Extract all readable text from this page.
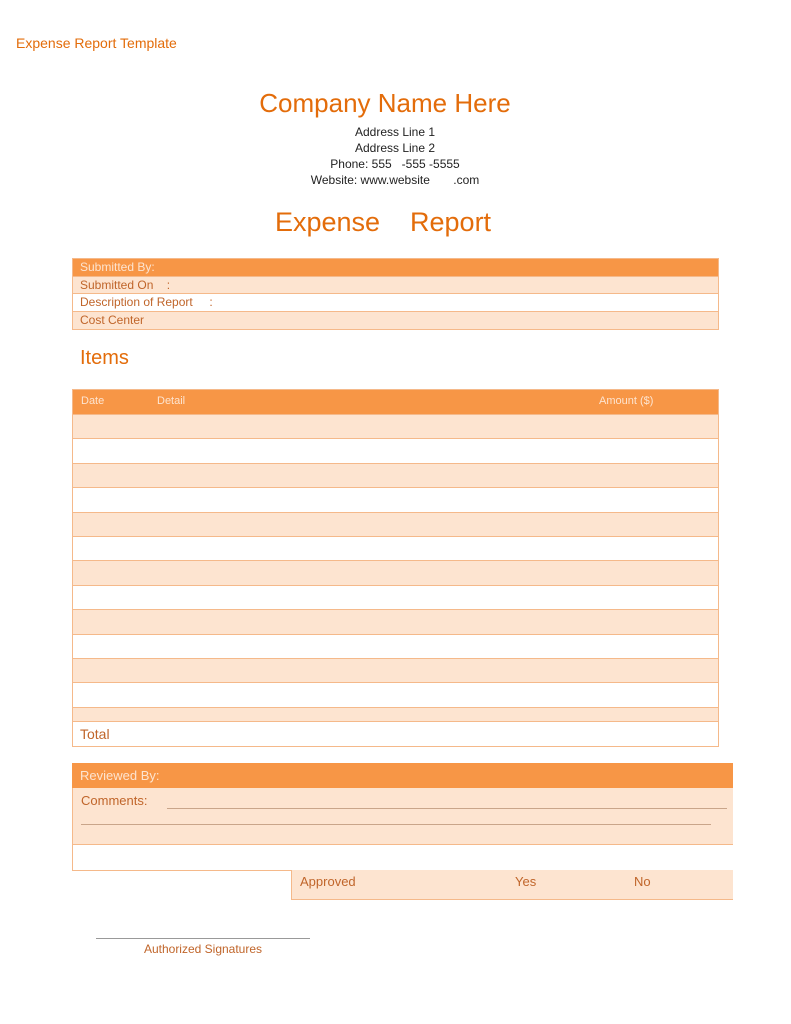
Expense Report Template
Company Name Here
Address Line 1
Address Line 2
Phone: 555   -555 -5555
Website: www.website       .com
Expense    Report
Submitted By:
Submitted On    :
Description of Report     :
Cost Center
Items
Date	Detail	Amount ($)
Total
Reviewed By:
Comments:
Approved	Yes	No
Authorized Signatures
